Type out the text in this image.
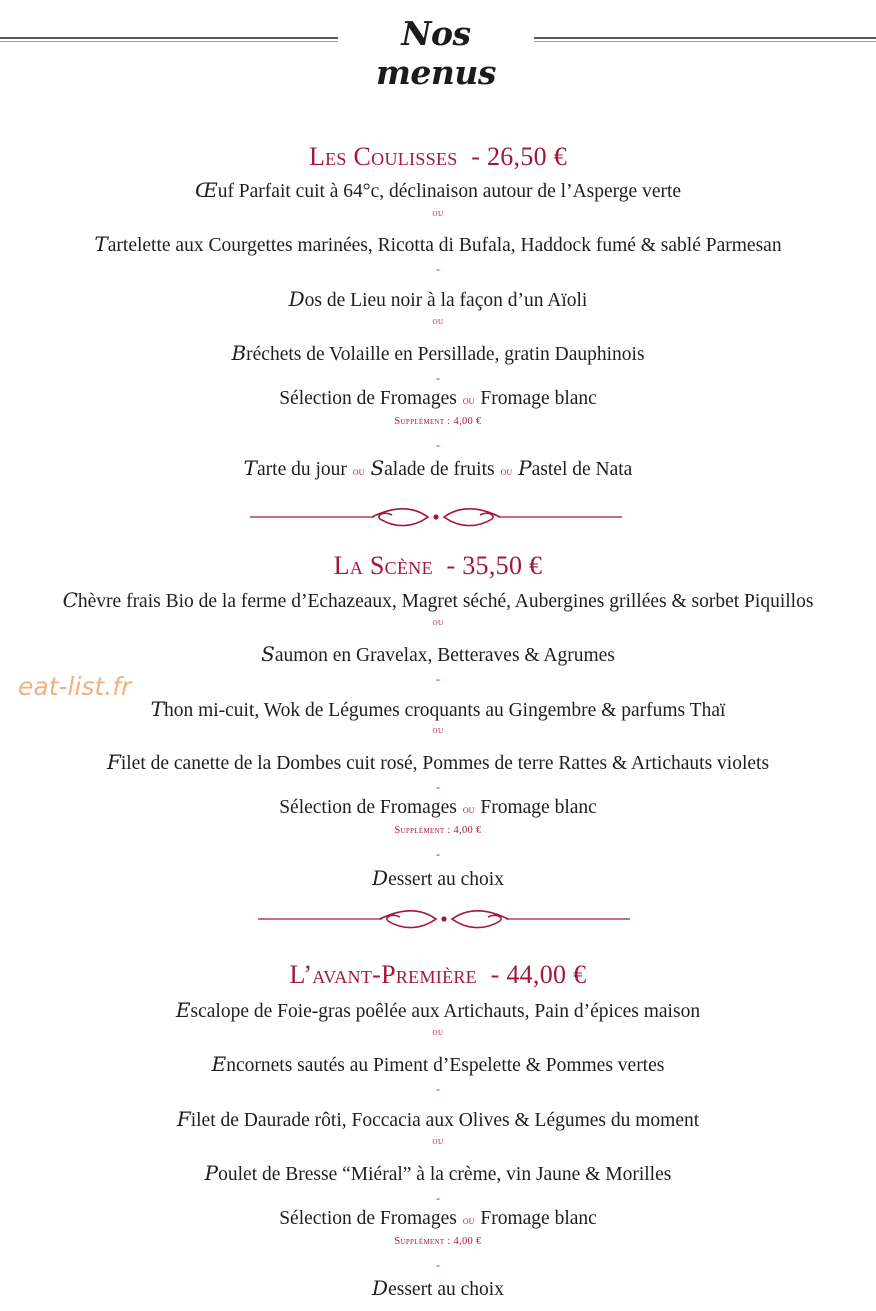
Nos menus
Les Coulisses  - 26,50 €
Œuf Parfait cuit à 64°c, déclinaison autour de l’Asperge verte
ou
Tartelette aux Courgettes marinées, Ricotta di Bufala, Haddock fumé & sablé Parmesan
-
Dos de Lieu noir à la façon d’un Aïoli
ou
Bréchets de Volaille en Persillade, gratin Dauphinois
-
Sélection de Fromages ou Fromage blanc
Supplément : 4,00 €
-
Tarte du jour ou Salade de fruits ou Pastel de Nata
La Scène  - 35,50 €
Chèvre frais Bio de la ferme d’Echazeaux, Magret séché, Aubergines grillées & sorbet Piquillos
ou
Saumon en Gravelax, Betteraves & Agrumes
-
Thon mi-cuit, Wok de Légumes croquants au Gingembre & parfums Thaï
ou
Filet de canette de la Dombes cuit rosé, Pommes de terre Rattes & Artichauts violets
-
Sélection de Fromages ou Fromage blanc
Supplément : 4,00 €
-
Dessert au choix
L’avant-Première  - 44,00 €
Escalope de Foie-gras poêlée aux Artichauts, Pain d’épices maison
ou
Encornets sautés au Piment d’Espelette & Pommes vertes
-
Filet de Daurade rôti, Foccacia aux Olives & Légumes du moment
ou
Poulet de Bresse “Miéral” à la crème, vin Jaune & Morilles
-
Sélection de Fromages ou Fromage blanc
Supplément : 4,00 €
-
Dessert au choix
eat-list.fr
